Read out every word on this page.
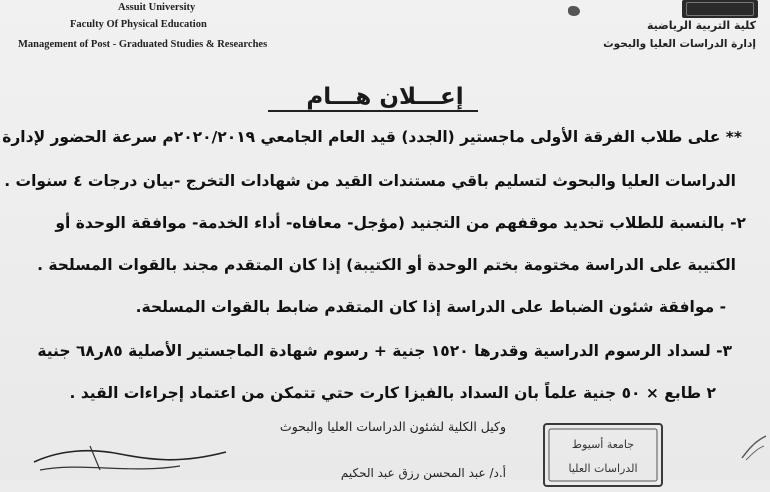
Assuit University
Faculty Of Physical Education
Management of Post - Graduated Studies & Researches
كلية التربية الرياضية
إدارة الدراسات العليا والبحوث
إعـــلان هـــام
** على طلاب الفرقة الأولى ماجستير (الجدد) قيد العام الجامعي ٢٠٢٠/٢٠١٩م سرعة الحضور لإدارة
الدراسات العليا والبحوث لتسليم باقي مستندات القيد من شهادات التخرج -بيان درجات ٤ سنوات .
٢- بالنسبة للطلاب تحديد موقفهم من التجنيد (مؤجل- معافاه- أداء الخدمة- موافقة الوحدة أو
الكتيبة على الدراسة مختومة بختم الوحدة أو الكتيبة) إذا كان المتقدم مجند بالقوات المسلحة .
- موافقة شئون الضباط على الدراسة إذا كان المتقدم ضابط بالقوات المسلحة.
٣- لسداد الرسوم الدراسية وقدرها ١٥٢٠ جنية + رسوم شهادة الماجستير الأصلية ٨٥ر٦٨ جنية
٢ طابع × ٥٠ جنية علماً بان السداد بالفيزا كارت حتي تتمكن من اعتماد إجراءات القيد .
وكيل الكلية لشئون الدراسات العليا والبحوث
أ.د/ عبد المحسن رزق عبد الحكيم
جامعة أسيوط
الدراسات العليا
